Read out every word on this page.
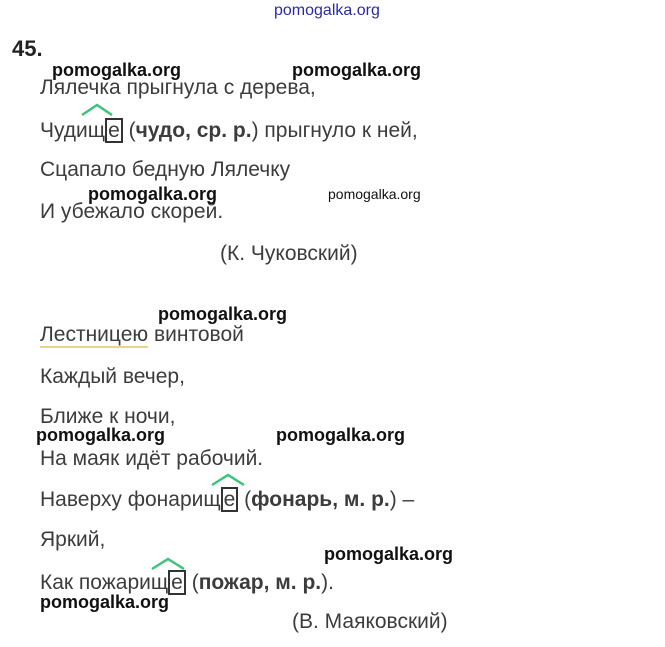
pomogalka.org
45.
Лялечка прыгнула с дерева,
Чудищ е (чудо, ср. р.) прыгнуло к ней,
Сцапало бедную Лялечку
И убежало скорей.
(К. Чуковский)
Лестницею винтовой
Каждый вечер,
Ближе к ночи,
На маяк идёт рабочий.
Наверху фонарищ е (фонарь, м. р.) –
Яркий,
Как пожарищ е (пожар, м. р.).
(В. Маяковский)
pomogalka.org	pomogalka.org
pomogalka.org	pomogalka.org
pomogalka.org
pomogalka.org	pomogalka.org
pomogalka.org
pomogalka.org
